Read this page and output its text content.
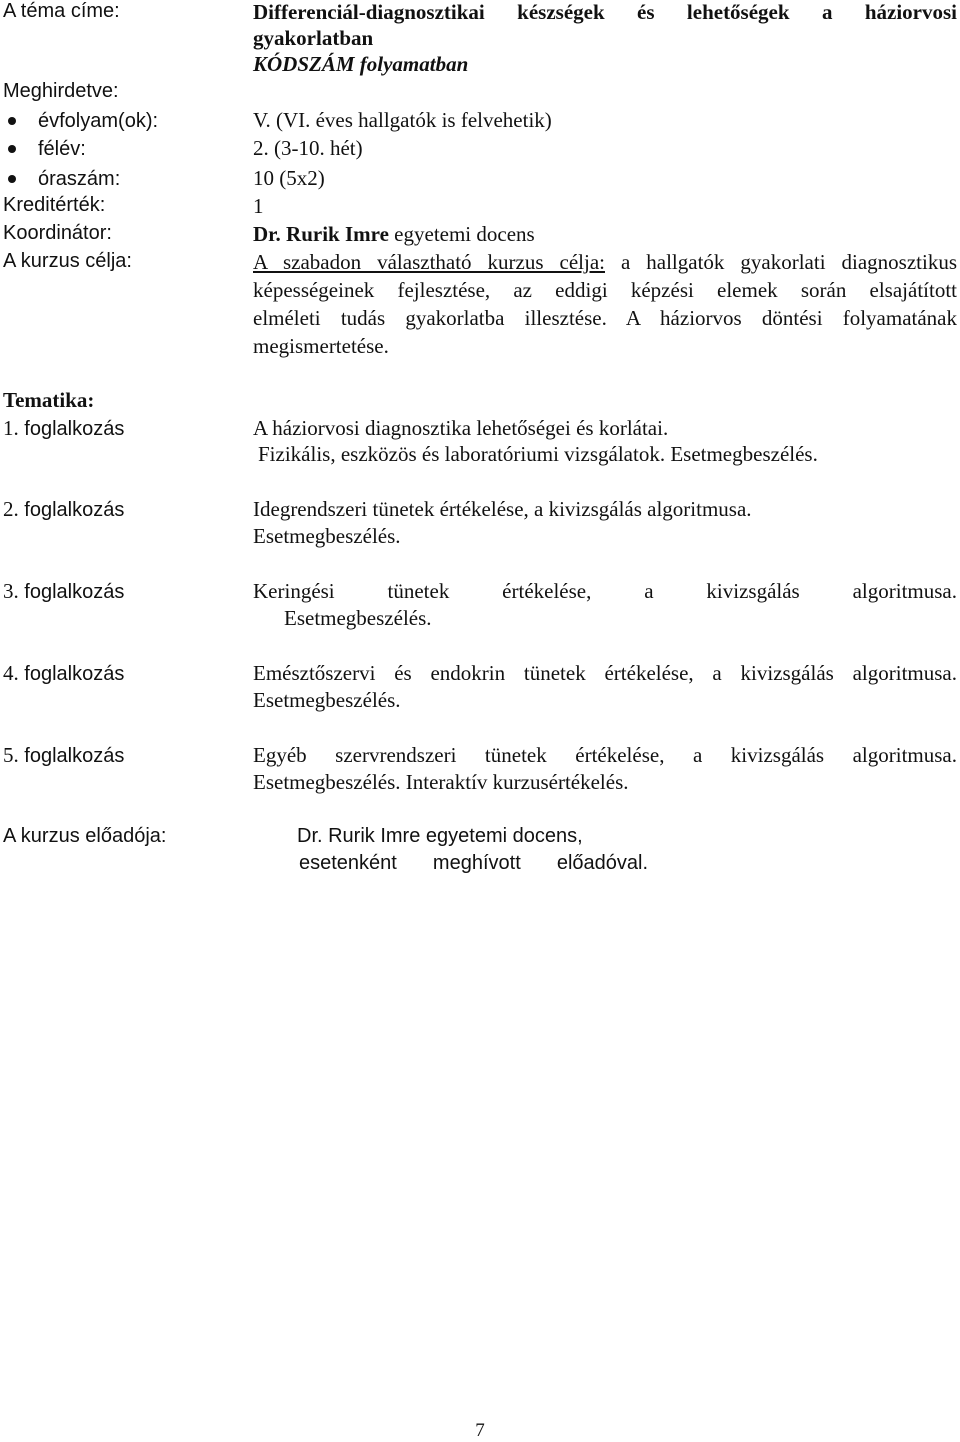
A téma címe:	Differenciál-diagnosztikai készségek és lehetőségek a háziorvosi
gyakorlatban
KÓDSZÁM folyamatban
Meghirdetve:
évfolyam(ok):	V. (VI. éves hallgatók is felvehetik)
félév:	2. (3-10. hét)
óraszám:	10 (5x2)
Kreditérték:	1
Koordinátor:	Dr. Rurik Imre egyetemi docens
A kurzus célja:	A szabadon választható kurzus célja: a hallgatók gyakorlati diagnosztikus
képességeinek fejlesztése, az eddigi képzési elemek során elsajátított
elméleti tudás gyakorlatba illesztése. A háziorvos döntési folyamatának
megismertetése.
Tematika:
1. foglalkozás	A háziorvosi diagnosztika lehetőségei és korlátai.
Fizikális, eszközös és laboratóriumi vizsgálatok. Esetmegbeszélés.
2. foglalkozás	Idegrendszeri tünetek értékelése, a kivizsgálás algoritmusa.
Esetmegbeszélés.
3. foglalkozás	Keringési tünetek értékelése, a kivizsgálás algoritmusa.
Esetmegbeszélés.
4. foglalkozás	Emésztőszervi és endokrin tünetek értékelése, a kivizsgálás algoritmusa.
Esetmegbeszélés.
5. foglalkozás	Egyéb szervrendszeri tünetek értékelése, a kivizsgálás algoritmusa.
Esetmegbeszélés. Interaktív kurzusértékelés.
A kurzus előadója:	Dr. Rurik Imre egyetemi docens,
esetenként meghívott előadóval.
7
